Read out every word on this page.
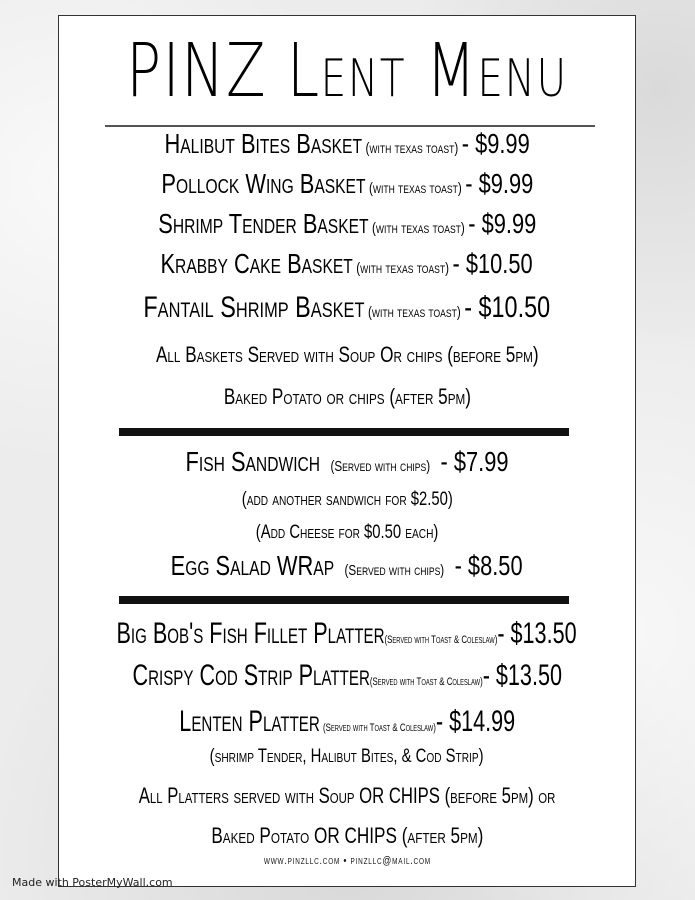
PINZ Lent Menu
Halibut Bites Basket (with texas toast) - $9.99
Pollock Wing Basket (with texas toast) - $9.99
Shrimp Tender Basket (with texas toast) - $9.99
Krabby Cake Basket (with texas toast) - $10.50
Fantail Shrimp Basket (with texas toast) - $10.50
All Baskets Served with Soup Or chips (before 5pm)
Baked Potato or chips (after 5pm)
Fish Sandwich (Served with chips) - $7.99
(add another sandwich for $2.50)
(Add Cheese for $0.50 each)
Egg Salad WRap (Served with chips) - $8.50
Big Bob's Fish Fillet Platter(Served with Toast & Coleslaw)- $13.50
Crispy Cod Strip Platter(Served with Toast & Coleslaw)- $13.50
Lenten Platter (Served with Toast & Coleslaw)- $14.99
(shrimp Tender, Halibut Bites, & Cod Strip)
All Platters served with Soup OR CHIPS (before 5pm) or
Baked Potato OR CHIPS (after 5pm)
www.pinzllc.com • pinzllc@mail.com
Made with PosterMyWall.com
